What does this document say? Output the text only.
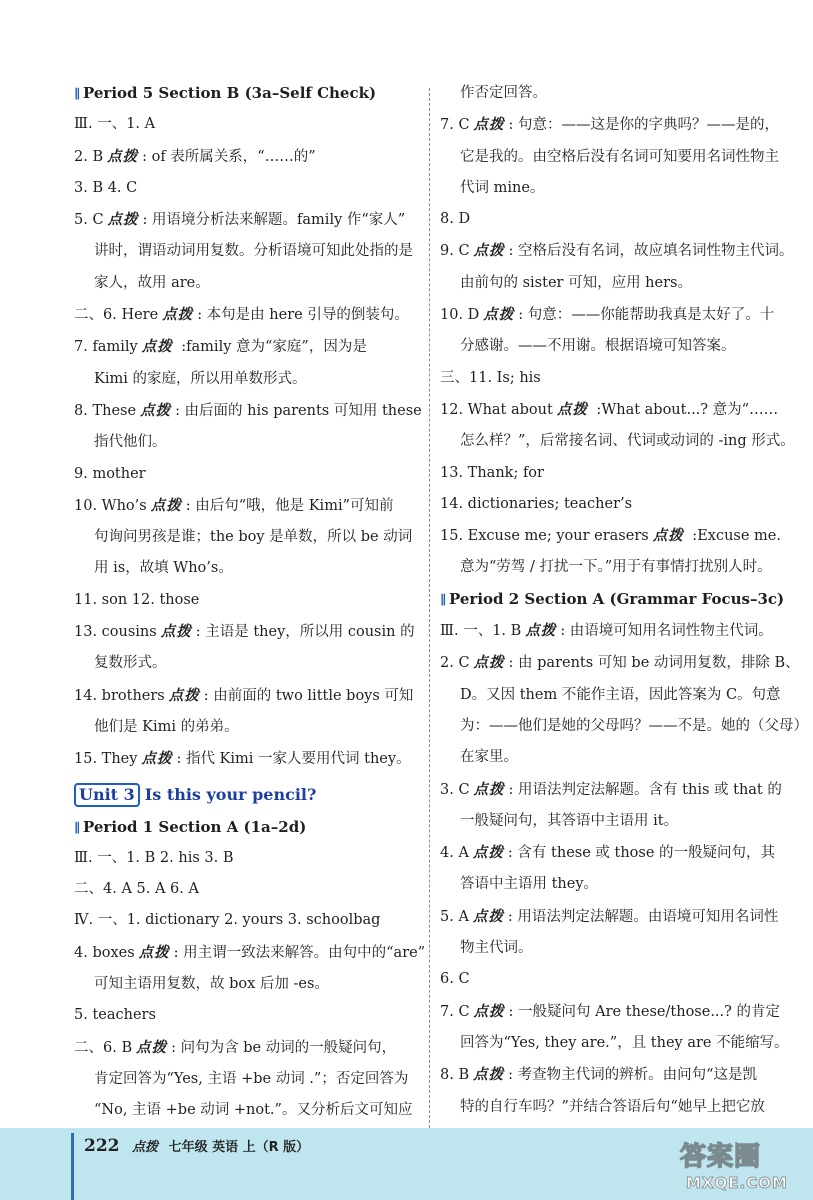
∥ Period 5 Section B (3a–Self Check)
Ⅲ. 一、1. A
2. B 点拨 : of 表所属关系，“……的”
3. B 4. C
5. C 点拨 : 用语境分析法来解题。family 作“家人”
讲时，谓语动词用复数。分析语境可知此处指的是
家人，故用 are。
二、6. Here 点拨 : 本句是由 here 引导的倒装句。
7. family 点拨 :family 意为“家庭”，因为是
Kimi 的家庭，所以用单数形式。
8. These 点拨 : 由后面的 his parents 可知用 these
指代他们。
9. mother
10. Who’s 点拨 : 由后句“哦，他是 Kimi”可知前
句询问男孩是谁；the boy 是单数，所以 be 动词
用 is，故填 Who’s。
11. son 12. those
13. cousins 点拨 : 主语是 they，所以用 cousin 的
复数形式。
14. brothers 点拨 : 由前面的 two little boys 可知
他们是 Kimi 的弟弟。
15. They 点拨 : 指代 Kimi 一家人要用代词 they。
Unit 3 Is this your pencil?
∥ Period 1 Section A (1a–2d)
Ⅲ. 一、1. B 2. his 3. B
二、4. A 5. A 6. A
Ⅳ. 一、1. dictionary 2. yours 3. schoolbag
4. boxes 点拨 : 用主谓一致法来解答。由句中的“are”
可知主语用复数，故 box 后加 -es。
5. teachers
二、6. B 点拨 : 问句为含 be 动词的一般疑问句，
肯定回答为“Yes, 主语 +be 动词 .”；否定回答为
“No, 主语 +be 动词 +not.”。又分析后文可知应
作否定回答。
7. C 点拨 : 句意：——这是你的字典吗？——是的，
它是我的。由空格后没有名词可知要用名词性物主
代词 mine。
8. D
9. C 点拨 : 空格后没有名词，故应填名词性物主代词。
由前句的 sister 可知，应用 hers。
10. D 点拨 : 句意：——你能帮助我真是太好了。十
分感谢。——不用谢。根据语境可知答案。
三、11. Is; his
12. What about 点拨 :What about...? 意为“……
怎么样？”，后常接名词、代词或动词的 -ing 形式。
13. Thank; for
14. dictionaries; teacher’s
15. Excuse me; your erasers 点拨 :Excuse me.
意为“劳驾 / 打扰一下。”用于有事情打扰别人时。
∥ Period 2 Section A (Grammar Focus–3c)
Ⅲ. 一、1. B 点拨 : 由语境可知用名词性物主代词。
2. C 点拨 : 由 parents 可知 be 动词用复数，排除 B、
D。又因 them 不能作主语，因此答案为 C。句意
为：——他们是她的父母吗？——不是。她的（父母）
在家里。
3. C 点拨 : 用语法判定法解题。含有 this 或 that 的
一般疑问句，其答语中主语用 it。
4. A 点拨 : 含有 these 或 those 的一般疑问句，其
答语中主语用 they。
5. A 点拨 : 用语法判定法解题。由语境可知用名词性
物主代词。
6. C
7. C 点拨 : 一般疑问句 Are these/those...? 的肯定
回答为“Yes, they are.”，且 they are 不能缩写。
8. B 点拨 : 考查物主代词的辨析。由问句“这是凯
特的自行车吗？”并结合答语后句“她早上把它放
222 点拨 七年级 英语 上（R 版）	答案圈
MXQE.COM
